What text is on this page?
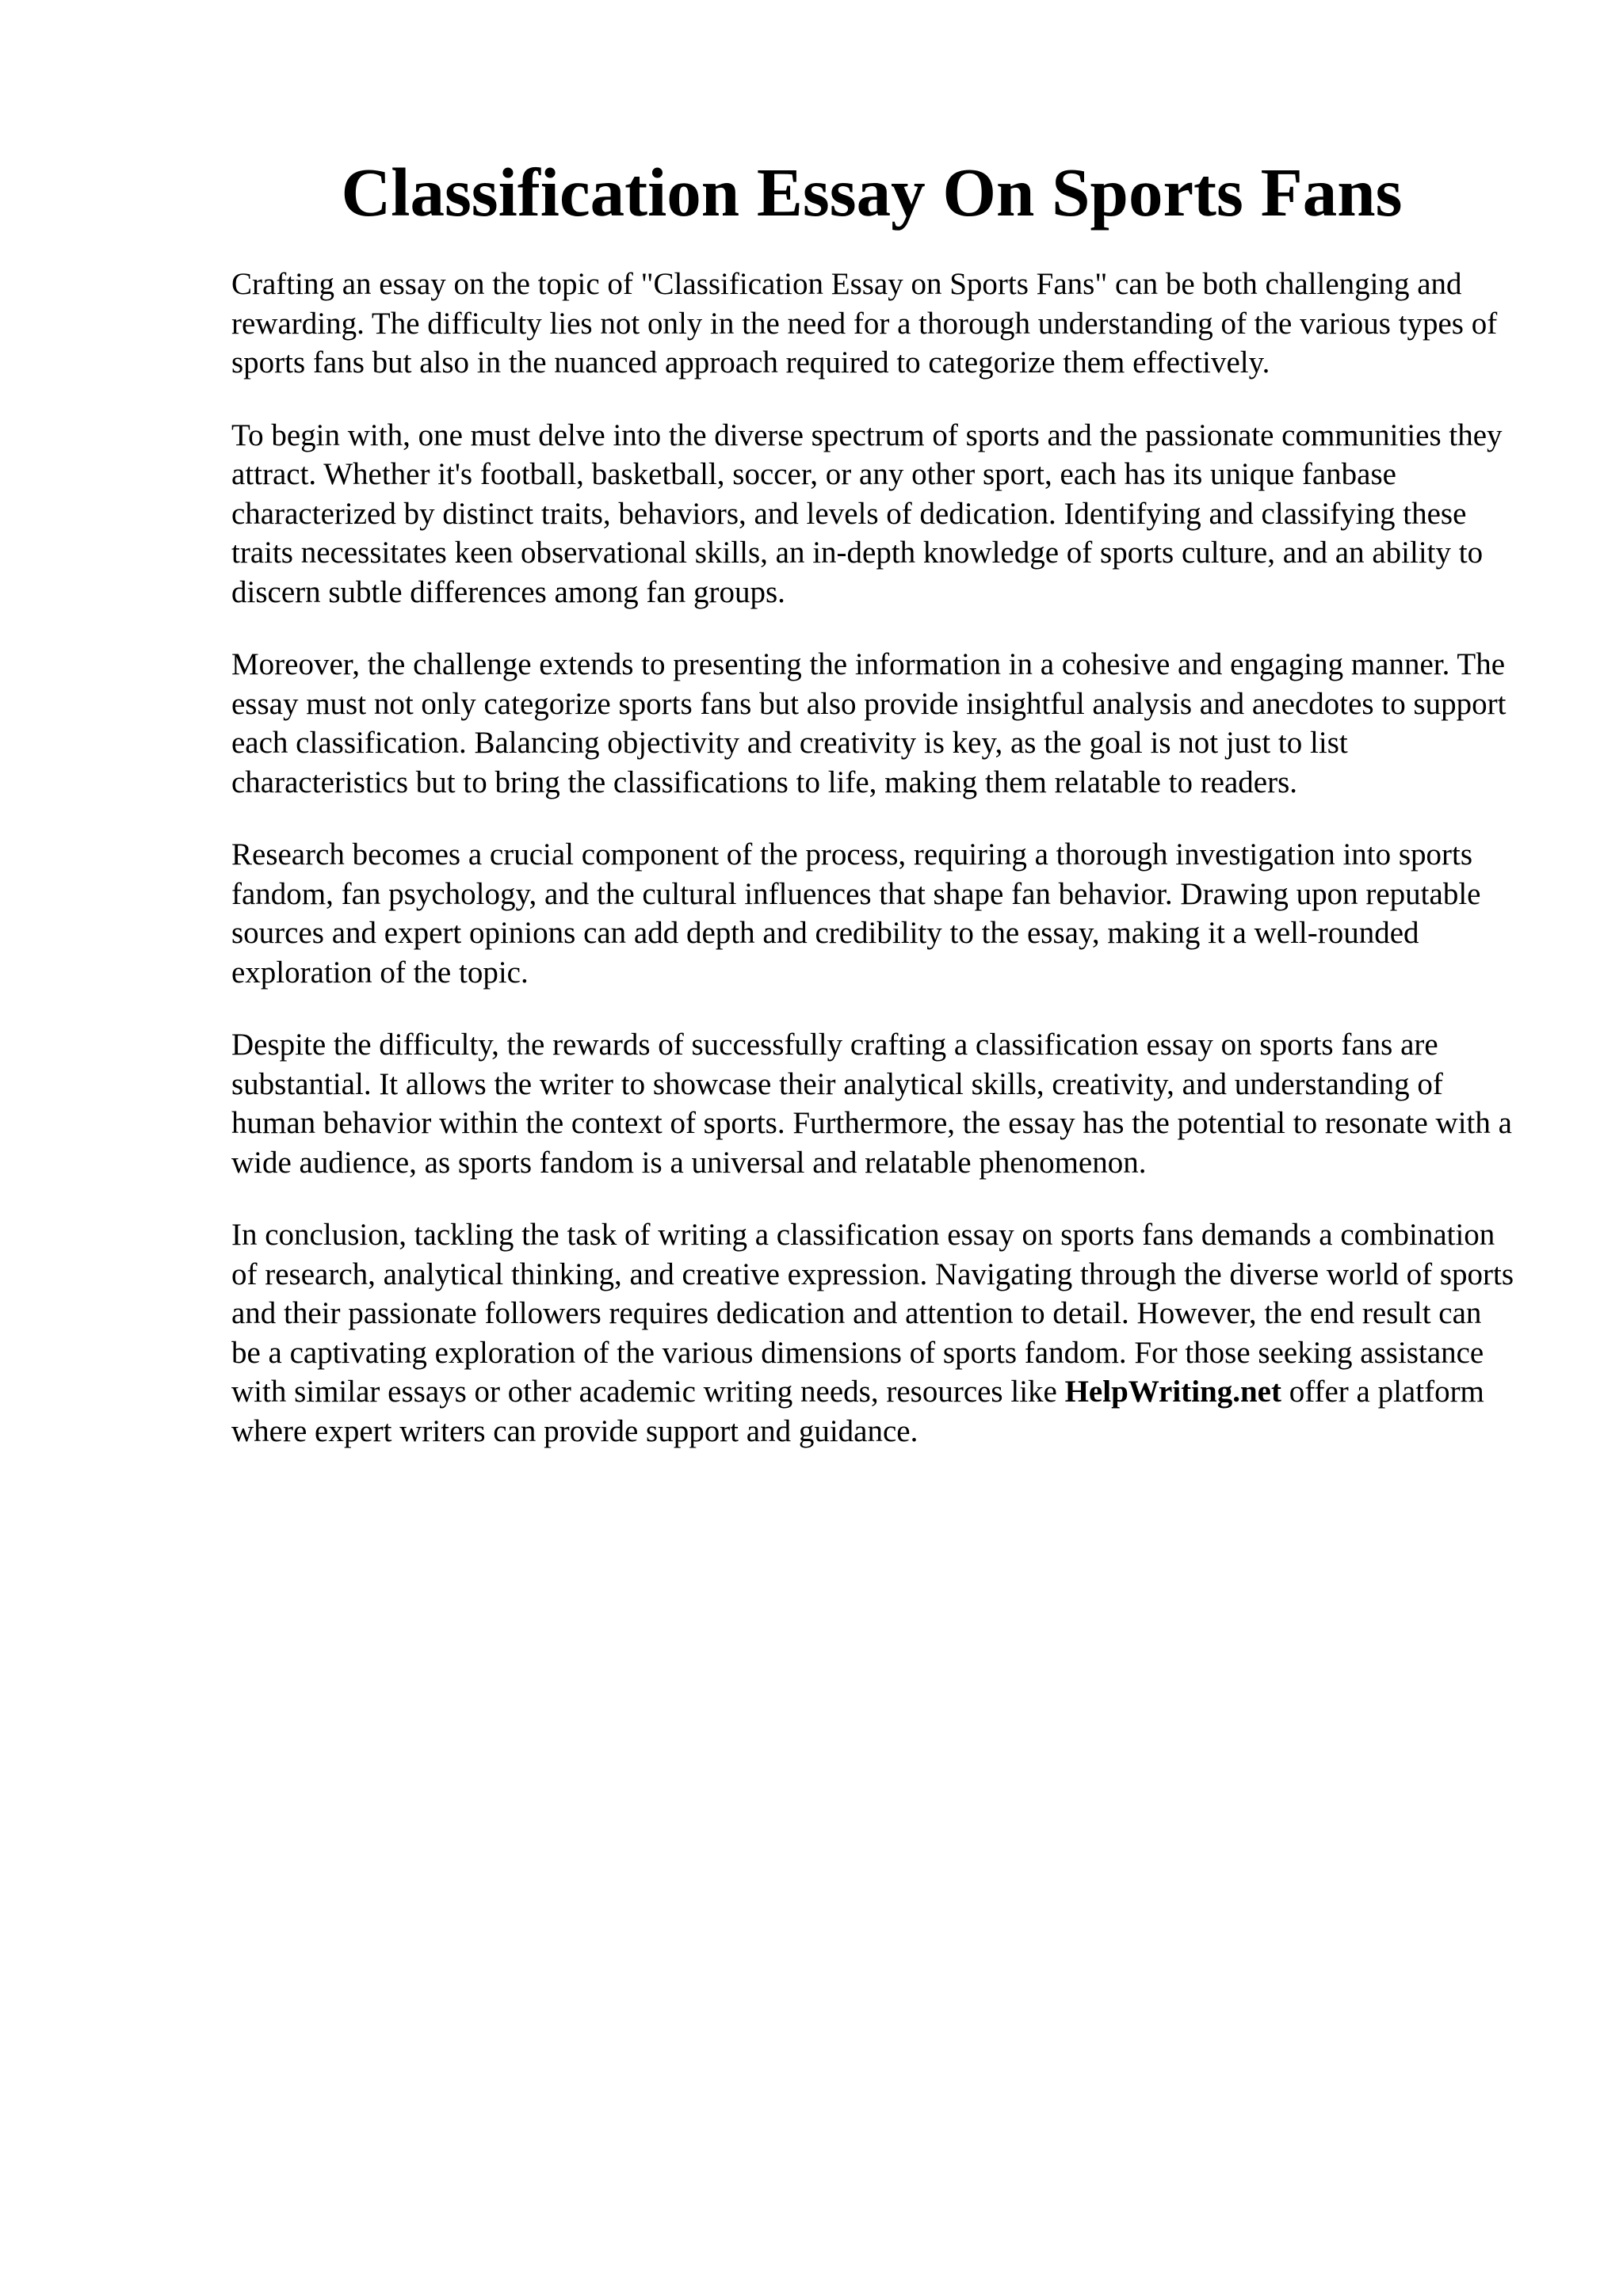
Classification Essay On Sports Fans

Crafting an essay on the topic of "Classification Essay on Sports Fans" can be both challenging and rewarding. The difficulty lies not only in the need for a thorough understanding of the various types of sports fans but also in the nuanced approach required to categorize them effectively.

To begin with, one must delve into the diverse spectrum of sports and the passionate communities they attract. Whether it's football, basketball, soccer, or any other sport, each has its unique fanbase characterized by distinct traits, behaviors, and levels of dedication. Identifying and classifying these traits necessitates keen observational skills, an in-depth knowledge of sports culture, and an ability to discern subtle differences among fan groups.

Moreover, the challenge extends to presenting the information in a cohesive and engaging manner. The essay must not only categorize sports fans but also provide insightful analysis and anecdotes to support each classification. Balancing objectivity and creativity is key, as the goal is not just to list characteristics but to bring the classifications to life, making them relatable to readers.

Research becomes a crucial component of the process, requiring a thorough investigation into sports fandom, fan psychology, and the cultural influences that shape fan behavior. Drawing upon reputable sources and expert opinions can add depth and credibility to the essay, making it a well-rounded exploration of the topic.

Despite the difficulty, the rewards of successfully crafting a classification essay on sports fans are substantial. It allows the writer to showcase their analytical skills, creativity, and understanding of human behavior within the context of sports. Furthermore, the essay has the potential to resonate with a wide audience, as sports fandom is a universal and relatable phenomenon.

In conclusion, tackling the task of writing a classification essay on sports fans demands a combination of research, analytical thinking, and creative expression. Navigating through the diverse world of sports and their passionate followers requires dedication and attention to detail. However, the end result can be a captivating exploration of the various dimensions of sports fandom. For those seeking assistance with similar essays or other academic writing needs, resources like HelpWriting.net offer a platform where expert writers can provide support and guidance.
